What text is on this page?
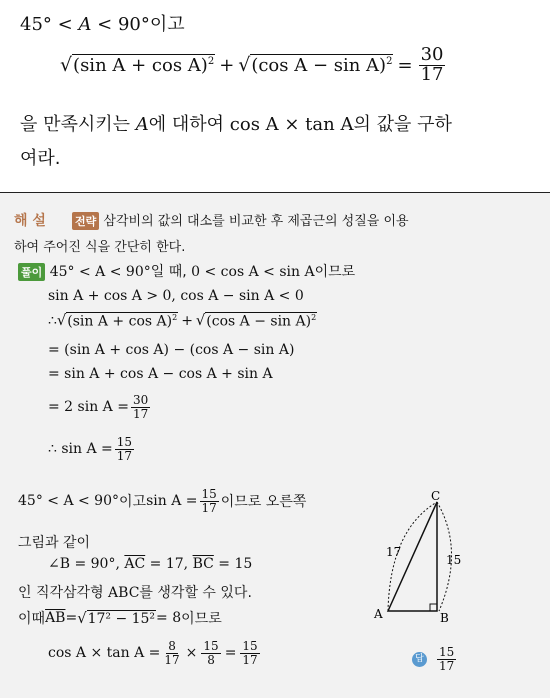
45° < A < 90°이고
√ (sin A + cos A)$^2$ + √ (cos $A - \sin A)^2 = \frac{30}{17}$
을 만족시키는 A에 대하여 cos A × tan A의 값을 구하
여라.
해 설	전략 삼각비의 값의 대소를 비교한 후 제곱근의 성질을 이용
하여 주어진 식을 간단히 한다.
풀이 45° < A < 90°일 때, 0 < cos A < sin A이므로
sin A + cos A > 0, cos A − sin A < 0
∴ √ (sin A + cos A)$^2$ + √ (cos A − sin A)$^2$
= (sin A + cos A) − (cos A − sin A)
= sin A + cos A − cos A + sin A
= 2 $\sin A = \frac{30}{17}$
∴ $\sin A = \frac{15}{17}$
45° < A < 90° 이고 $\sin A = \frac{15}{17}$ 이므로 오른쪽
그림과 같이
∠B = 90°, $\overline{AC} = 17$, $\overline{BC} = 15$
인 직각삼각형 ABC를 생각할 수 있다.
이때 $\overline{AB}$ = √ 17² − 15² = 8 이므로
$\cos A \times \tan A = \frac{8}{17} \times \frac{15}{8} = \frac{15}{17}$	답 $\frac{15}{17}$
C
A	B
17
15
